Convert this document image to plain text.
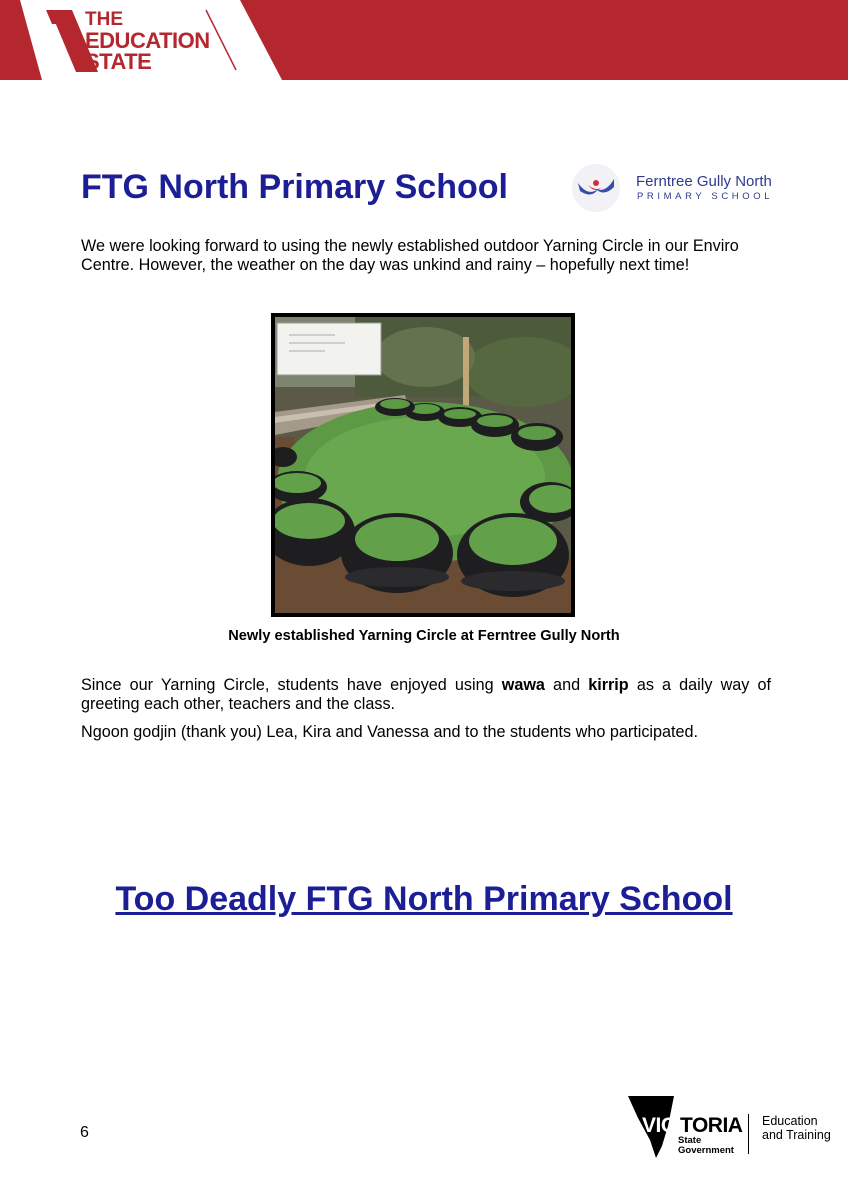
THE
EDUCATION
STATE
FTG North Primary School	Ferntree Gully North
PRIMARY SCHOOL

We were looking forward to using the newly established outdoor Yarning Circle in our Enviro Centre. However, the weather on the day was unkind and rainy – hopefully next time!

Newly established Yarning Circle at Ferntree Gully North

Since our Yarning Circle, students have enjoyed using wawa and kirrip as a daily way of greeting each other, teachers and the class.

Ngoon godjin (thank you) Lea, Kira and Vanessa and to the students who participated.

Too Deadly FTG North Primary School
6	VIC TORIA
State
Government
Education
and Training
